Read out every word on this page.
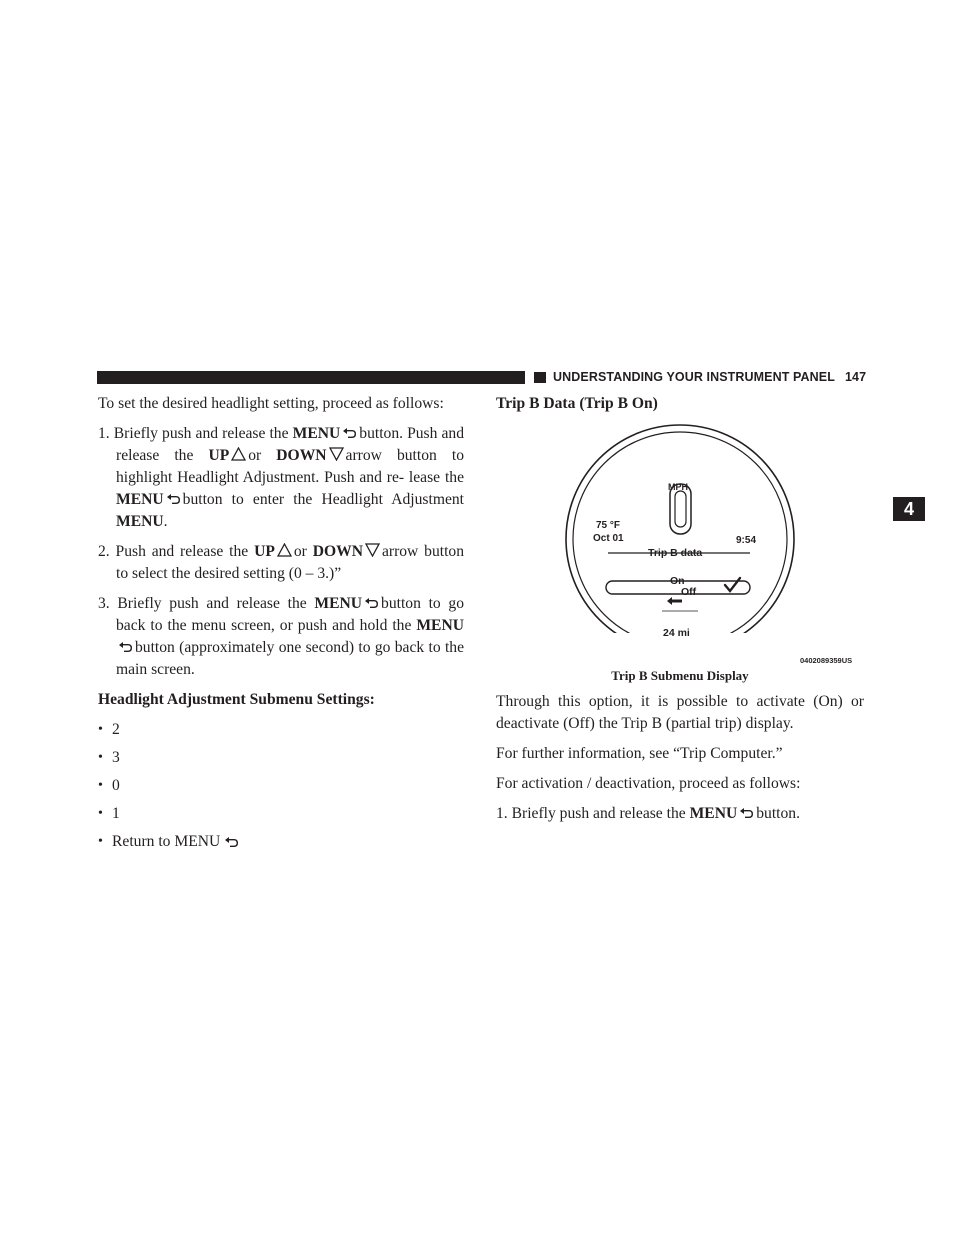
UNDERSTANDING YOUR INSTRUMENT PANEL 147
4

To set the desired headlight setting, proceed as follows:

1. Briefly push and release the MENU button. Push and release the UP or DOWN arrow button to highlight Headlight Adjustment. Push and re- lease the MENU button to enter the Headlight Adjustment MENU.

2. Push and release the UP or DOWN arrow button to select the desired setting (0 – 3.)”

3. Briefly push and release the MENU button to go back to the menu screen, or push and hold the MENUbutton (approximately one second) to go back to the main screen.

Headlight Adjustment Submenu Settings:

• 2
• 3
• 0
• 1
• Return to MENU

Trip B Data (Trip B On)

MPH
75 °F
Oct 01	9:54
Trip B data
On
Off
24 mi
0402089359US

Trip B Submenu Display

Through this option, it is possible to activate (On) or deactivate (Off) the Trip B (partial trip) display.

For further information, see “Trip Computer.”

For activation / deactivation, proceed as follows:

1. Briefly push and release the MENU button.
